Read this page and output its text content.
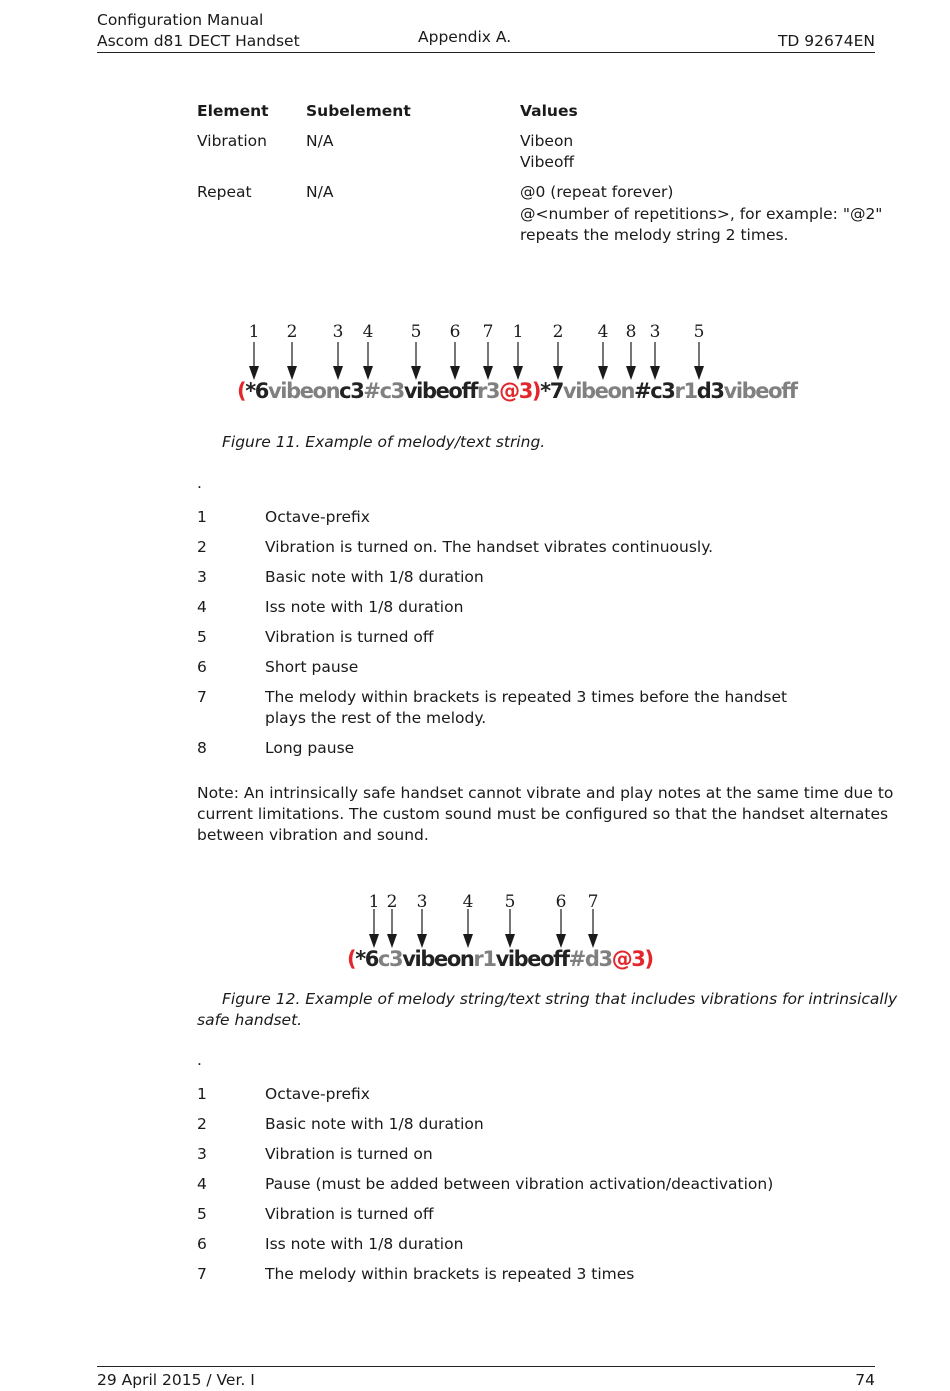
Configuration Manual
Ascom d81 DECT Handset	Appendix A.	TD 92674EN
Element Subelement	Values
Vibration	N/A	Vibeon
Vibeoff
Repeat	N/A	@0 (repeat forever)
@<number of repetitions>, for example: "@2"
repeats the melody string 2 times.
1 2 3 4 5 6 7 1 2 4 8 3 5
(*6vibeonc3#c3vibeoffr3@3)*7vibeon#c3r1d3vibeoff
Figure 11. Example of melody/text string.
.
1	Octave-prefix
2	Vibration is turned on. The handset vibrates continuously.
3	Basic note with 1/8 duration
4	Iss note with 1/8 duration
5	Vibration is turned off
6	Short pause
7	The melody within brackets is repeated 3 times before the handset
plays the rest of the melody.
8	Long pause
Note: An intrinsically safe handset cannot vibrate and play notes at the same time due to
current limitations. The custom sound must be configured so that the handset alternates
between vibration and sound.
1 2 3 4 5 6 7
(*6c3vibeonr1vibeoff#d3@3)
Figure 12. Example of melody string/text string that includes vibrations for intrinsically
safe handset.
.
1	Octave-prefix
2	Basic note with 1/8 duration
3	Vibration is turned on
4	Pause (must be added between vibration activation/deactivation)
5	Vibration is turned off
6	Iss note with 1/8 duration
7	The melody within brackets is repeated 3 times
29 April 2015 / Ver. I	74
